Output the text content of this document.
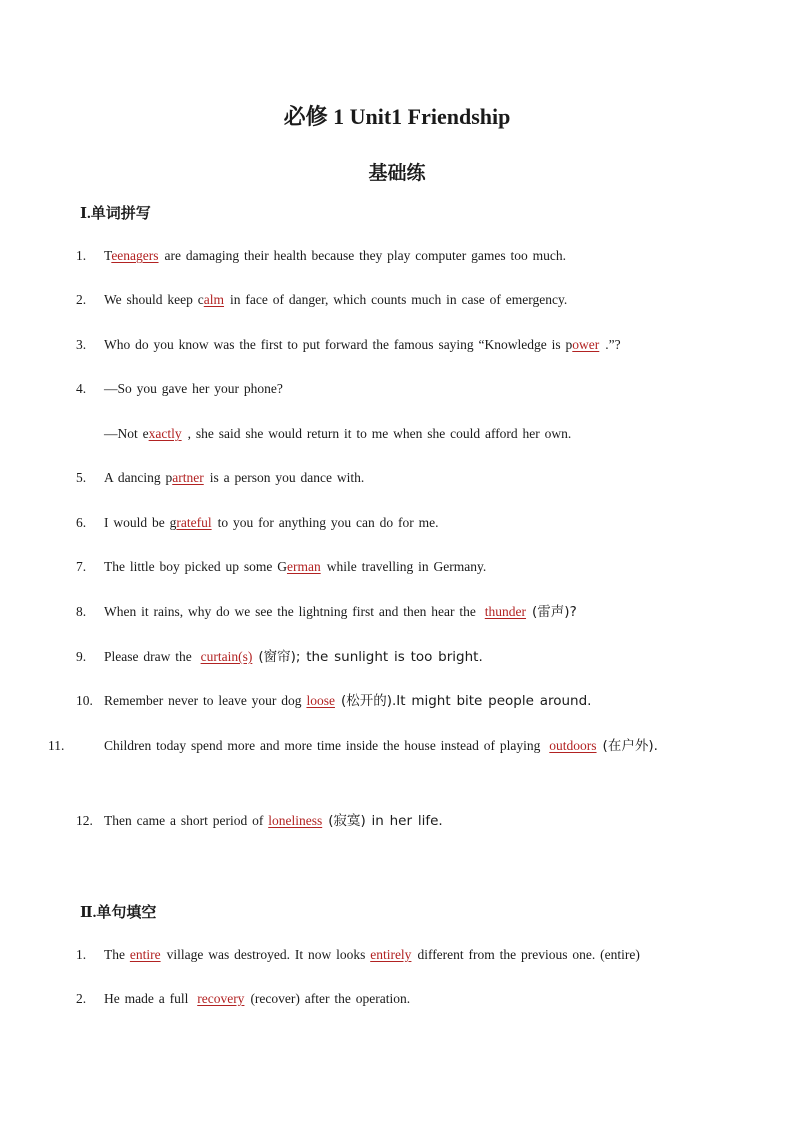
必修 1 Unit1 Friendship
基础练
Ⅰ.单词拼写
1. Teenagers are damaging their health because they play computer games too much.
2. We should keep calm in face of danger, which counts much in case of emergency.
3. Who do you know was the first to put forward the famous saying “Knowledge is power .”?
4. —So you gave her your phone?
—Not exactly , she said she would return it to me when she could afford her own.
5. A dancing partner is a person you dance with.
6. I would be grateful to you for anything you can do for me.
7. The little boy picked up some German while travelling in Germany.
8. When it rains, why do we see the lightning first and then hear the thunder (雷声)?
9. Please draw the curtain(s) (窗帘); the sunlight is too bright.
10. Remember never to leave your dog loose (松开的).It might bite people around.
11.	Children today spend more and more time inside the house instead of playing outdoors (在户外).
12. Then came a short period of loneliness (寂寞) in her life.
Ⅱ.单句填空
1. The entire village was destroyed. It now looks entirely different from the previous one. (entire)
2. He made a full recovery (recover) after the operation.
